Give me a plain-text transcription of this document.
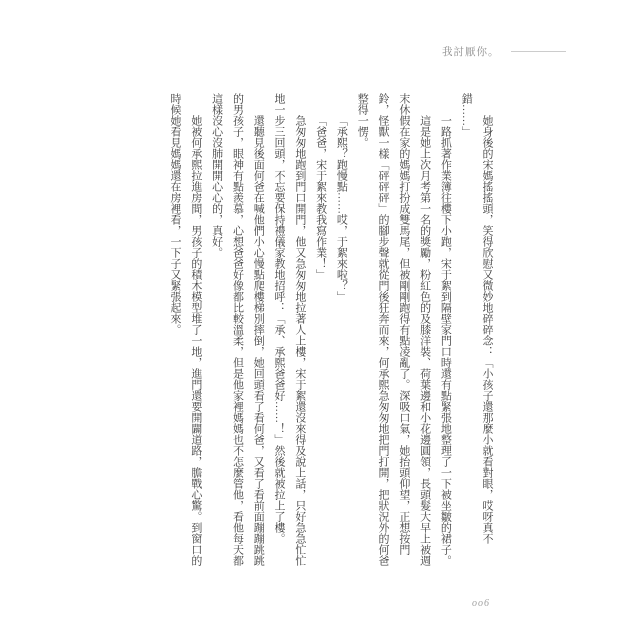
我討厭你。

她身後的宋媽搖搖頭，笑得欣慰又微妙地碎碎念：「小孩子還那麼小就看對眼，哎呀真不錯……」

一路抓著作業簿往樓下小跑，宋于絮到隔壁家門口時還有點緊張地整理了一下被坐皺的裙子。

這是她上次月考第一名的獎勵，粉紅色的及膝洋裝、荷葉邊和小花邊圓領，長頭髮大早上被週末休假在家的媽媽打扮成雙馬尾，但被剛剛跑得有點凌亂了。深吸口氣，她抬頭仰望，正想按門鈴，怪獸一樣「砰砰砰」的腳步聲就從門後狂奔而來，何承熙急匆匆地把門打開，把狀況外的何爸整得一愣。

「承熙？跑慢點……哎，于絮來啦？」

「爸爸，宋于絮來教我寫作業！」

急匆匆地跑到門口開門，他又急匆匆地拉著人上樓，宋于絮還沒來得及說上話，只好急急忙忙地一步三回頭，不忘要保持禮儀家教地招呼：「承、承熙爸爸好……！」然後就被拉上了樓。

還聽見後面何爸在喊他們小心慢點爬樓梯別摔倒，她回頭看了看何爸，又看了看前面蹦蹦跳跳的男孩子，眼神有點羨慕，心想爸爸好像都比較溫柔，但是他家裡媽媽也不怎麼管他，看他每天都這樣沒心沒肺開開心心的，真好。

她被何承熙拉進房間，男孩子的積木模型堆了一地，進門還要開闢道路，膽戰心驚。到窗口的時候她看見媽媽還在房裡看，一下子又緊張起來。

oo6
